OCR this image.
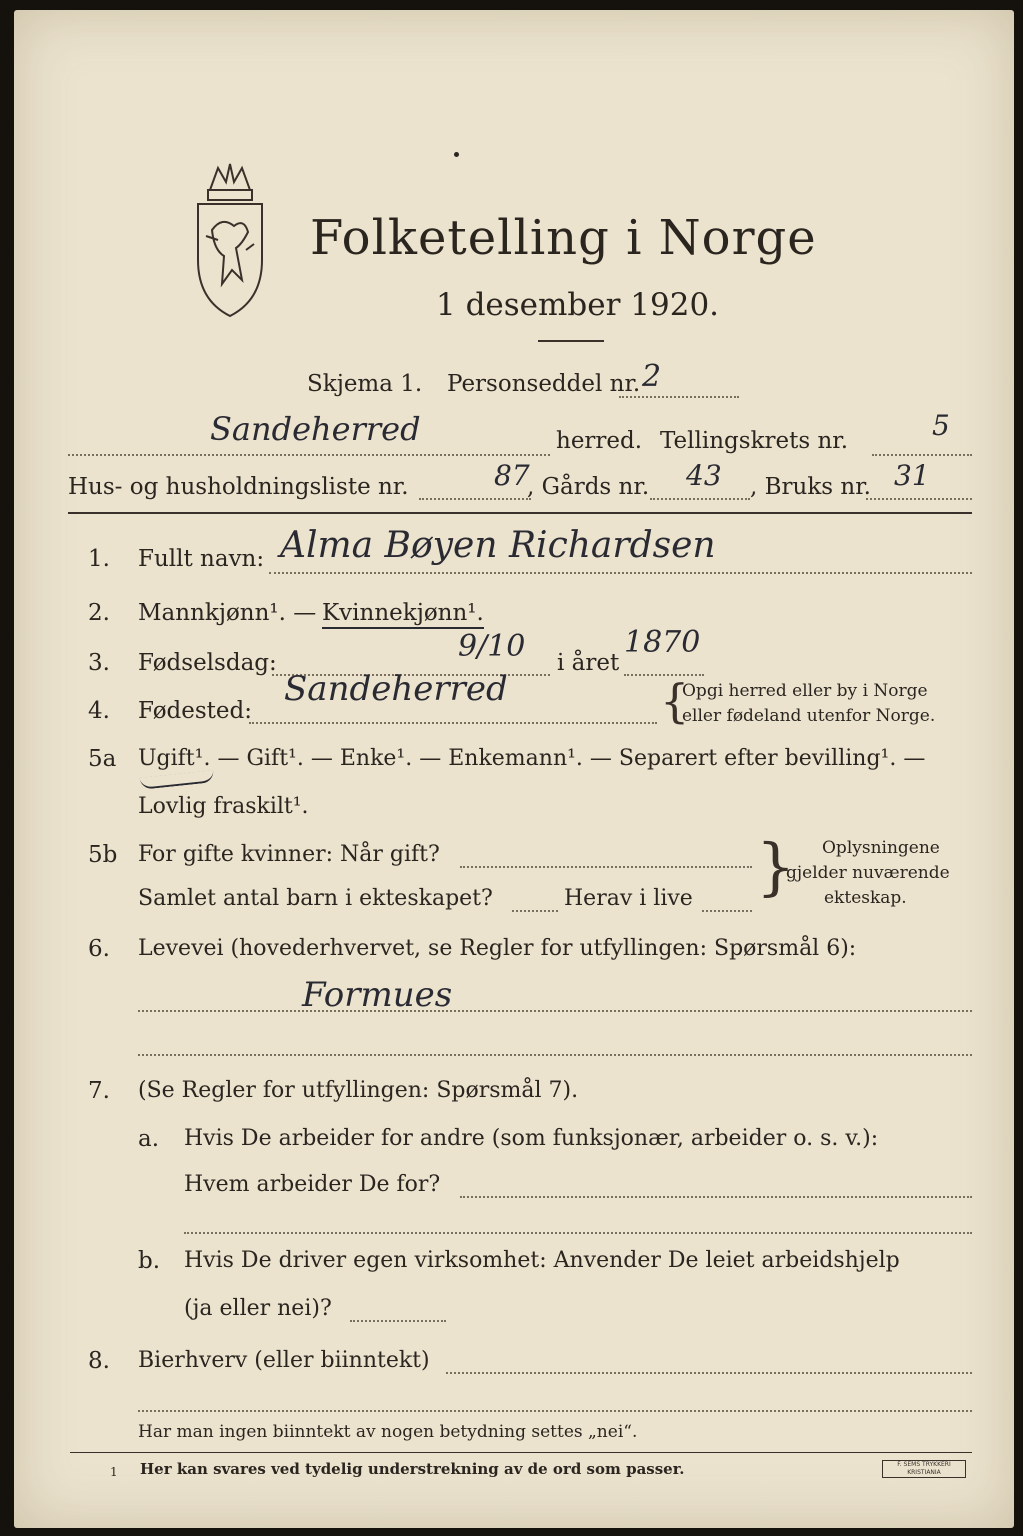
Folketelling i Norge
1 desember 1920.
Skjema 1. Personseddel nr. 2
Sandeherred	herred. Tellingskrets nr.	5
Hus- og husholdningsliste nr.	87
, Gårds nr. 43 , Bruks nr. 31
1. Fullt navn: Alma Bøyen Richardsen
2. Mannkjønn¹. — Kvinnekjønn¹.
3. Fødselsdag:	9/10 i året
1870
4. Fødested:
Sandeherred	{
Opgi herred eller by i Norge
eller fødeland utenfor Norge.
5a Ugift¹. — Gift¹. — Enke¹. — Enkemann¹. — Separert efter bevilling¹. —
Lovlig fraskilt¹.
5b For gifte kvinner: Når gift?
Samlet antal barn i ekteskapet?	Herav i live } Oplysningene
gjelder nuværende
ekteskap.
6. Levevei (hovederhvervet, se Regler for utfyllingen: Spørsmål 6):
Formues
7. (Se Regler for utfyllingen: Spørsmål 7).
a. Hvis De arbeider for andre (som funksjonær, arbeider o. s. v.):
Hvem arbeider De for?
b. Hvis De driver egen virksomhet: Anvender De leiet arbeidshjelp
(ja eller nei)?
8. Bierhverv (eller biinntekt)
Har man ingen biinntekt av nogen betydning settes „nei“.
1 Her kan svares ved tydelig understrekning av de ord som passer.	F. SEMS TRYKKERI KRISTIANIA
